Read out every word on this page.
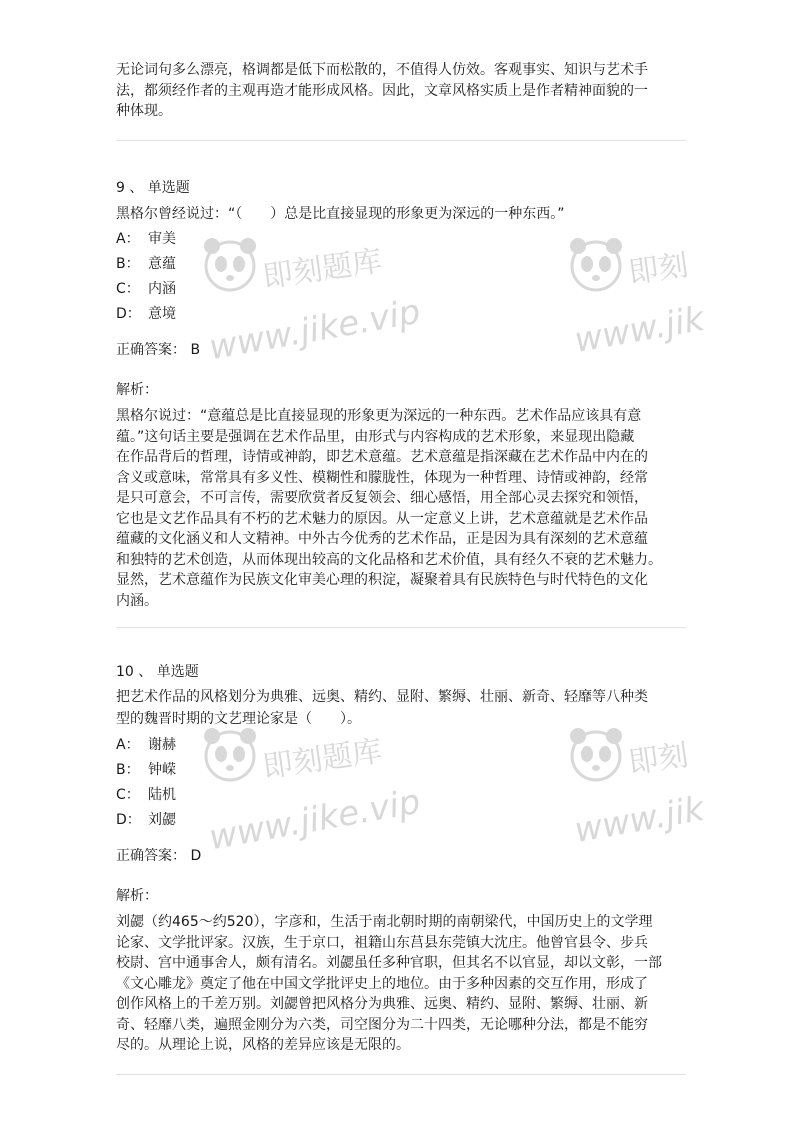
无论词句多么漂亮，格调都是低下而松散的，不值得人仿效。客观事实、知识与艺术手
法，都须经作者的主观再造才能形成风格。因此，文章风格实质上是作者精神面貌的一
种体现。

9 、 单选题

黑格尔曾经说过：“（　　）总是比直接显现的形象更为深远的一种东西。”

A： 审美

B： 意蕴

C： 内涵

D： 意境

正确答案： B

解析：

黑格尔说过：“意蕴总是比直接显现的形象更为深远的一种东西。艺术作品应该具有意
蕴。”这句话主要是强调在艺术作品里，由形式与内容构成的艺术形象，来显现出隐藏
在作品背后的哲理，诗情或神韵，即艺术意蕴。艺术意蕴是指深藏在艺术作品中内在的
含义或意味，常常具有多义性、模糊性和朦胧性，体现为一种哲理、诗情或神韵，经常
是只可意会，不可言传，需要欣赏者反复领会、细心感悟，用全部心灵去探究和领悟，
它也是文艺作品具有不朽的艺术魅力的原因。从一定意义上讲，艺术意蕴就是艺术作品
蕴藏的文化涵义和人文精神。中外古今优秀的艺术作品，正是因为具有深刻的艺术意蕴
和独特的艺术创造，从而体现出较高的文化品格和艺术价值，具有经久不衰的艺术魅力。
显然，艺术意蕴作为民族文化审美心理的积淀，凝聚着具有民族特色与时代特色的文化
内涵。

10 、 单选题

把艺术作品的风格划分为典雅、远奥、精约、显附、繁缛、壮丽、新奇、轻靡等八种类
型的魏晋时期的文艺理论家是（　　）。

A： 谢赫

B： 钟嵘

C： 陆机

D： 刘勰

正确答案： D

解析：

刘勰（约465～约520），字彦和，生活于南北朝时期的南朝梁代，中国历史上的文学理
论家、文学批评家。汉族，生于京口，祖籍山东莒县东莞镇大沈庄。他曾官县令、步兵
校尉、宫中通事舍人，颇有清名。刘勰虽任多种官职，但其名不以官显，却以文彰，一部
《文心雕龙》奠定了他在中国文学批评史上的地位。由于多种因素的交互作用，形成了
创作风格上的千差万别。刘勰曾把风格分为典雅、远奥、精约、显附、繁缛、壮丽、新
奇、轻靡八类，遍照金刚分为六类，司空图分为二十四类，无论哪种分法，都是不能穷
尽的。从理论上说，风格的差异应该是无限的。

即刻题库
www.jike.vip
即刻
www.jik
即刻题库
www.jike.vip
即刻
www.jik
